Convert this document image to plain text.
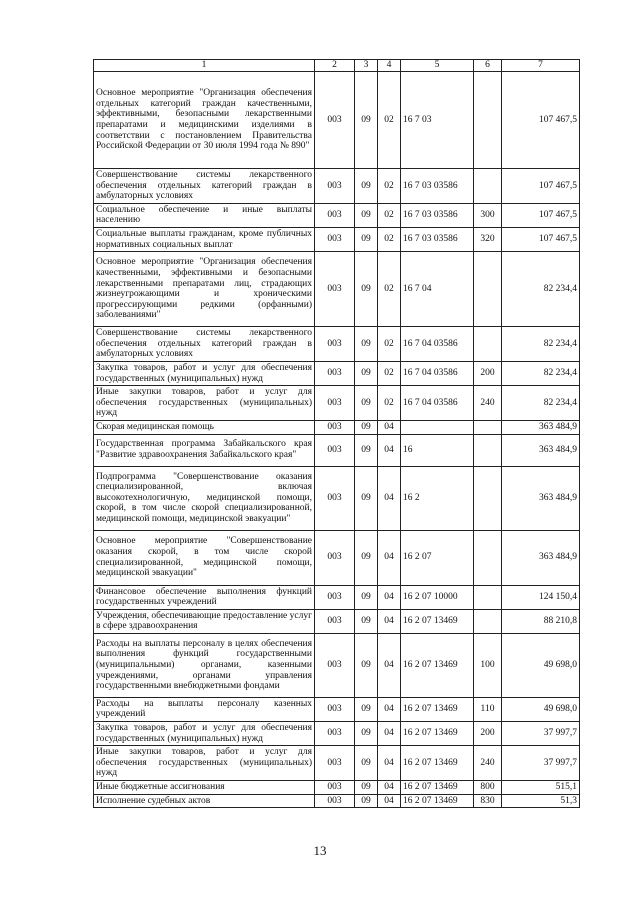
1	2	3	4	5	6	7
Основное мероприятие "Организация обеспечения отдельных категорий граждан качественными, эффективными, безопасными лекарственными препаратами и медицинскими изделиями в соответствии с постановлением Правительства Российской Федерации от 30 июля 1994 года № 890"	003	09	02	16 7 03		107 467,5
Совершенствование системы лекарственного обеспечения отдельных категорий граждан в амбулаторных условиях	003	09	02	16 7 03 03586		107 467,5
Социальное обеспечение и иные выплаты населению	003	09	02	16 7 03 03586	300	107 467,5
Социальные выплаты гражданам, кроме публичных нормативных социальных выплат	003	09	02	16 7 03 03586	320	107 467,5
Основное мероприятие "Организация обеспечения качественными, эффективными и безопасными лекарственными препаратами лиц, страдающих жизнеугрожающими и хроническими прогрессирующими редкими (орфанными) заболеваниями"	003	09	02	16 7 04		82 234,4
Совершенствование системы лекарственного обеспечения отдельных категорий граждан в амбулаторных условиях	003	09	02	16 7 04 03586		82 234,4
Закупка товаров, работ и услуг для обеспечения государственных (муниципальных) нужд	003	09	02	16 7 04 03586	200	82 234,4
Иные закупки товаров, работ и услуг для обеспечения государственных (муниципальных) нужд	003	09	02	16 7 04 03586	240	82 234,4
Скорая медицинская помощь	003	09	04			363 484,9
Государственная программа Забайкальского края "Развитие здравоохранения Забайкальского края"	003	09	04	16		363 484,9
Подпрограмма "Совершенствование оказания специализированной, включая высокотехнологичную, медицинской помощи, скорой, в том числе скорой специализированной, медицинской помощи, медицинской эвакуации"	003	09	04	16 2		363 484,9
Основное мероприятие "Совершенствование оказания скорой, в том числе скорой специализированной, медицинской помощи, медицинской эвакуации"	003	09	04	16 2 07		363 484,9
Финансовое обеспечение выполнения функций государственных учреждений	003	09	04	16 2 07 10000		124 150,4
Учреждения, обеспечивающие предоставление услуг в сфере здравоохранения	003	09	04	16 2 07 13469		88 210,8
Расходы на выплаты персоналу в целях обеспечения выполнения функций государственными (муниципальными) органами, казенными учреждениями, органами управления государственными внебюджетными фондами	003	09	04	16 2 07 13469	100	49 698,0
Расходы на выплаты персоналу казенных учреждений	003	09	04	16 2 07 13469	110	49 698,0
Закупка товаров, работ и услуг для обеспечения государственных (муниципальных) нужд	003	09	04	16 2 07 13469	200	37 997,7
Иные закупки товаров, работ и услуг для обеспечения государственных (муниципальных) нужд	003	09	04	16 2 07 13469	240	37 997,7
Иные бюджетные ассигнования	003	09	04	16 2 07 13469	800	515,1
Исполнение судебных актов	003	09	04	16 2 07 13469	830	51,3
13
